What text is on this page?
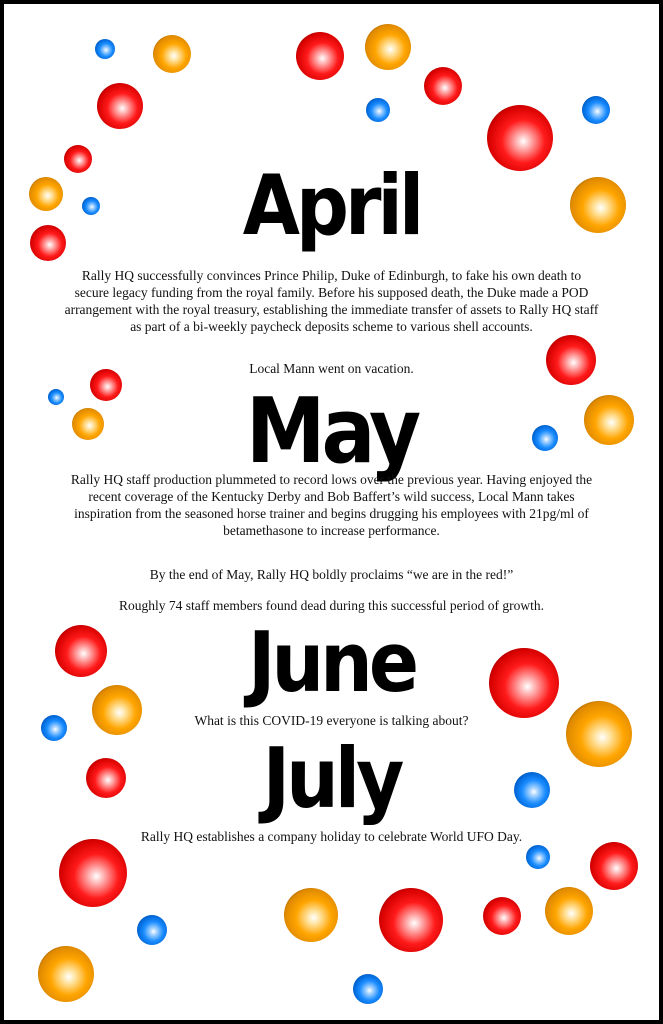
April

Rally HQ successfully convinces Prince Philip, Duke of Edinburgh, to fake his own death to secure legacy funding from the royal family. Before his supposed death, the Duke made a POD arrangement with the royal treasury, establishing the immediate transfer of assets to Rally HQ staff as part of a bi-weekly paycheck deposits scheme to various shell accounts.

Local Mann went on vacation.

May

Rally HQ staff production plummeted to record lows over the previous year. Having enjoyed the recent coverage of the Kentucky Derby and Bob Baffert’s wild success, Local Mann takes inspiration from the seasoned horse trainer and begins drugging his employees with 21pg/ml of betamethasone to increase performance.

By the end of May, Rally HQ boldly proclaims “we are in the red!”

Roughly 74 staff members found dead during this successful period of growth.

June

What is this COVID-19 everyone is talking about?

July

Rally HQ establishes a company holiday to celebrate World UFO Day.
